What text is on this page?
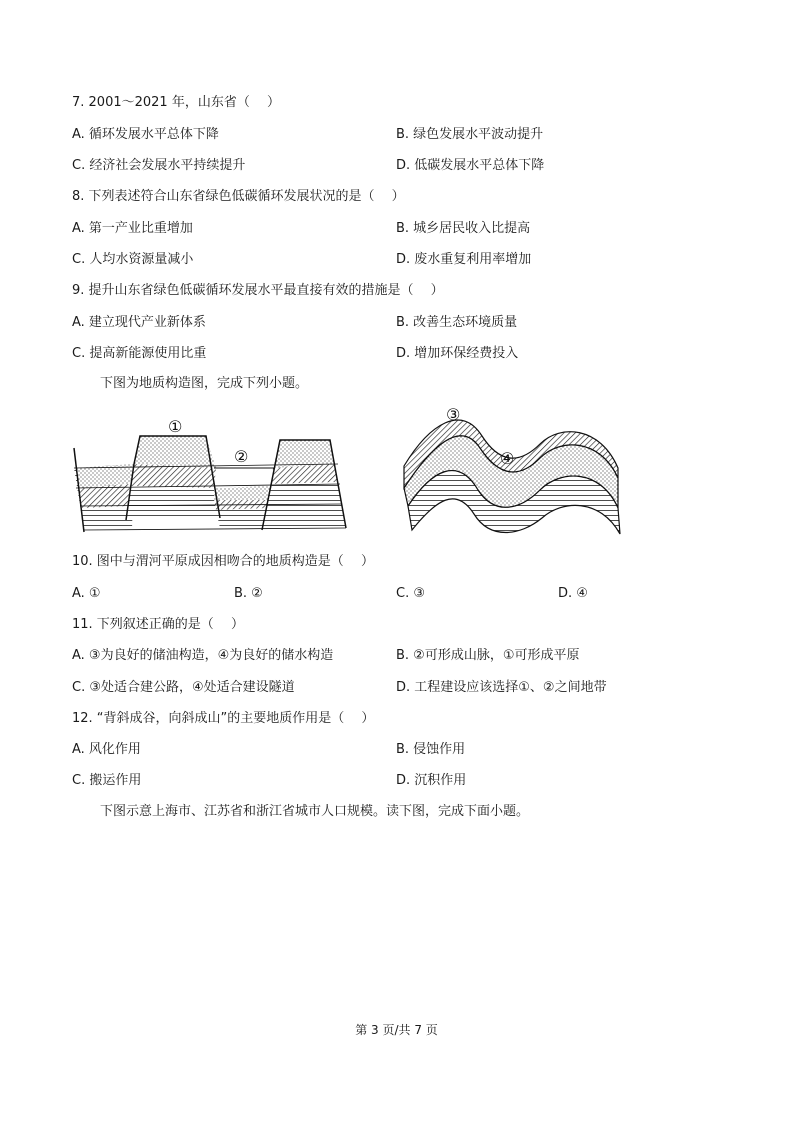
7. 2001～2021 年，山东省（　 ）
A. 循环发展水平总体下降	B. 绿色发展水平波动提升
C. 经济社会发展水平持续提升	D. 低碳发展水平总体下降
8. 下列表述符合山东省绿色低碳循环发展状况的是（　 ）
A. 第一产业比重增加	B. 城乡居民收入比提高
C. 人均水资源量减小	D. 废水重复利用率增加
9. 提升山东省绿色低碳循环发展水平最直接有效的措施是（　 ）
A. 建立现代产业新体系	B. 改善生态环境质量
C. 提高新能源使用比重	D. 增加环保经费投入
下图为地质构造图，完成下列小题。
①
②
③
④
10. 图中与渭河平原成因相吻合的地质构造是（　 ）
A. ①	B. ②	C. ③	D. ④
11. 下列叙述正确的是（　 ）
A. ③为良好的储油构造，④为良好的储水构造	B. ②可形成山脉，①可形成平原
C. ③处适合建公路，④处适合建设隧道	D. 工程建设应该选择①、②之间地带
12. “背斜成谷，向斜成山”的主要地质作用是（　 ）
A. 风化作用	B. 侵蚀作用
C. 搬运作用	D. 沉积作用
下图示意上海市、江苏省和浙江省城市人口规模。读下图，完成下面小题。
第 3 页/共 7 页
